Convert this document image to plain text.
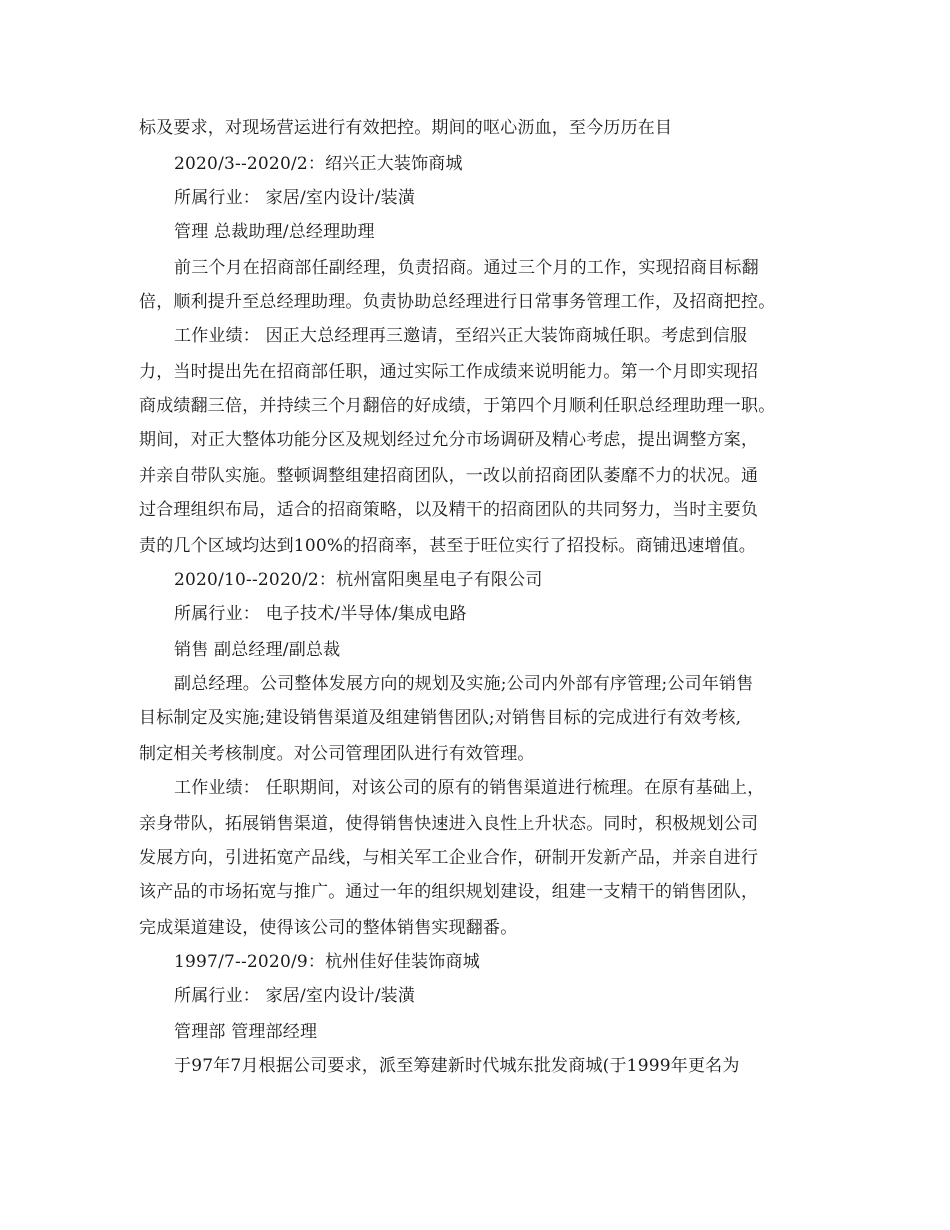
标及要求，对现场营运进行有效把控。期间的呕心沥血，至今历历在目
2020/3--2020/2：绍兴正大装饰商城
所属行业： 家居/室内设计/装潢
管理 总裁助理/总经理助理
前三个月在招商部任副经理，负责招商。通过三个月的工作，实现招商目标翻
倍，顺利提升至总经理助理。负责协助总经理进行日常事务管理工作，及招商把控。
工作业绩： 因正大总经理再三邀请，至绍兴正大装饰商城任职。考虑到信服
力，当时提出先在招商部任职，通过实际工作成绩来说明能力。第一个月即实现招
商成绩翻三倍，并持续三个月翻倍的好成绩，于第四个月顺利任职总经理助理一职。
期间，对正大整体功能分区及规划经过允分市场调研及精心考虑，提出调整方案，
并亲自带队实施。整顿调整组建招商团队，一改以前招商团队萎靡不力的状况。通
过合理组织布局，适合的招商策略，以及精干的招商团队的共同努力，当时主要负
责的几个区域均达到100%的招商率，甚至于旺位实行了招投标。商铺迅速增值。
2020/10--2020/2：杭州富阳奥星电子有限公司
所属行业： 电子技术/半导体/集成电路
销售 副总经理/副总裁
副总经理。公司整体发展方向的规划及实施;公司内外部有序管理;公司年销售
目标制定及实施;建设销售渠道及组建销售团队;对销售目标的完成进行有效考核,
制定相关考核制度。对公司管理团队进行有效管理。
工作业绩： 任职期间，对该公司的原有的销售渠道进行梳理。在原有基础上，
亲身带队，拓展销售渠道，使得销售快速进入良性上升状态。同时，积极规划公司
发展方向，引进拓宽产品线，与相关军工企业合作，研制开发新产品，并亲自进行
该产品的市场拓宽与推广。通过一年的组织规划建设，组建一支精干的销售团队，
完成渠道建设，使得该公司的整体销售实现翻番。
1997/7--2020/9：杭州佳好佳装饰商城
所属行业： 家居/室内设计/装潢
管理部 管理部经理
于97年7月根据公司要求，派至筹建新时代城东批发商城(于1999年更名为
